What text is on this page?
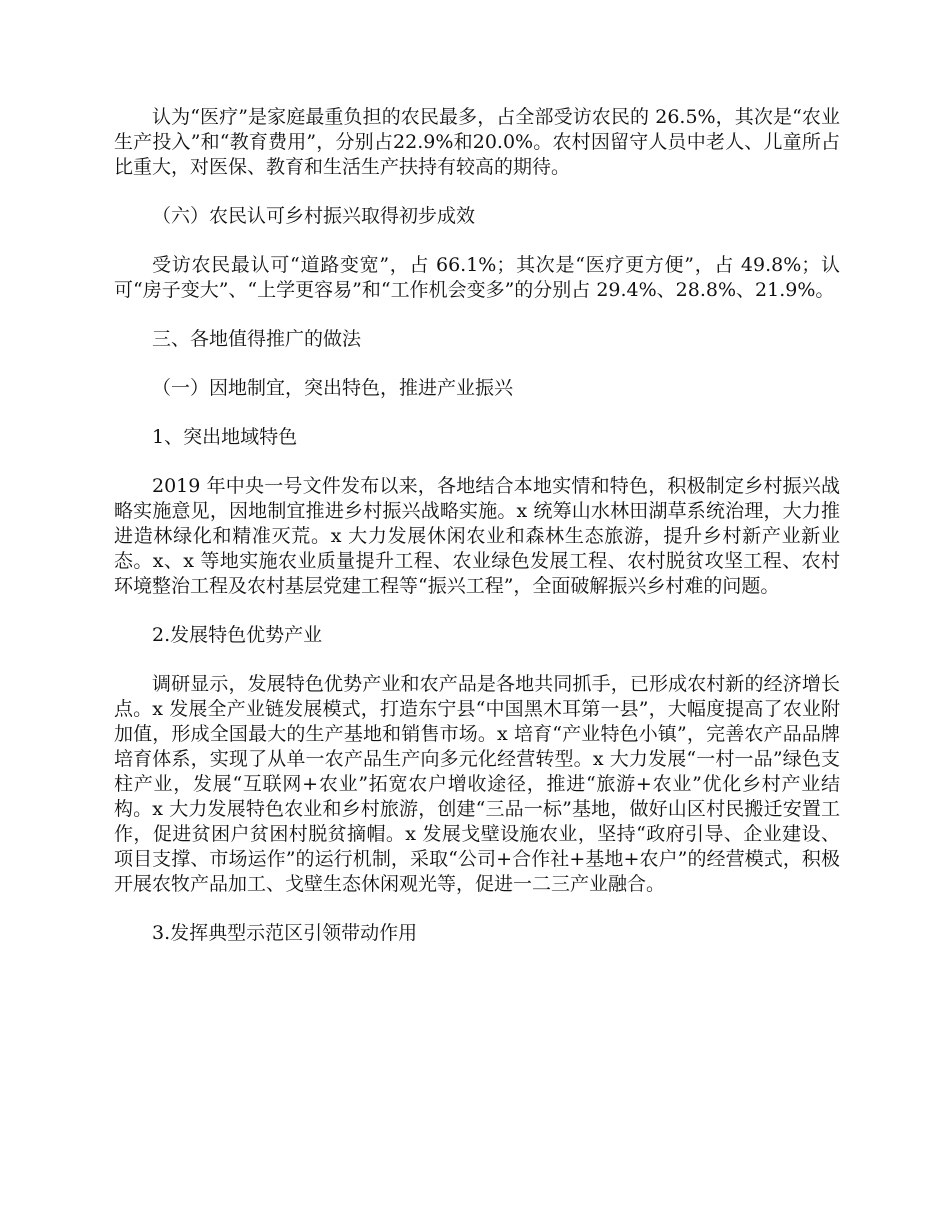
认为“医疗”是家庭最重负担的农民最多，占全部受访农民的 26.5%，其次是“农业生产投入”和“教育费用”，分别占22.9%和20.0%。农村因留守人员中老人、儿童所占比重大，对医保、教育和生活生产扶持有较高的期待。

（六）农民认可乡村振兴取得初步成效

受访农民最认可“道路变宽”，占 66.1%；其次是“医疗更方便”，占 49.8%；认可“房子变大”、“上学更容易”和“工作机会变多”的分别占 29.4%、28.8%、21.9%。

三、各地值得推广的做法

（一）因地制宜，突出特色，推进产业振兴

1、突出地域特色

2019 年中央一号文件发布以来，各地结合本地实情和特色，积极制定乡村振兴战略实施意见，因地制宜推进乡村振兴战略实施。x 统筹山水林田湖草系统治理，大力推进造林绿化和精准灭荒。x 大力发展休闲农业和森林生态旅游，提升乡村新产业新业态。x、x 等地实施农业质量提升工程、农业绿色发展工程、农村脱贫攻坚工程、农村环境整治工程及农村基层党建工程等“振兴工程”，全面破解振兴乡村难的问题。

2.发展特色优势产业

调研显示，发展特色优势产业和农产品是各地共同抓手，已形成农村新的经济增长点。x 发展全产业链发展模式，打造东宁县“中国黑木耳第一县”，大幅度提高了农业附加值，形成全国最大的生产基地和销售市场。x 培育“产业特色小镇”，完善农产品品牌培育体系，实现了从单一农产品生产向多元化经营转型。x 大力发展“一村一品”绿色支柱产业，发展“互联网+农业”拓宽农户增收途径，推进“旅游+农业”优化乡村产业结构。x 大力发展特色农业和乡村旅游，创建“三品一标”基地，做好山区村民搬迁安置工作，促进贫困户贫困村脱贫摘帽。x 发展戈壁设施农业，坚持“政府引导、企业建设、项目支撑、市场运作”的运行机制，采取“公司+合作社+基地+农户”的经营模式，积极开展农牧产品加工、戈壁生态休闲观光等，促进一二三产业融合。

3.发挥典型示范区引领带动作用
